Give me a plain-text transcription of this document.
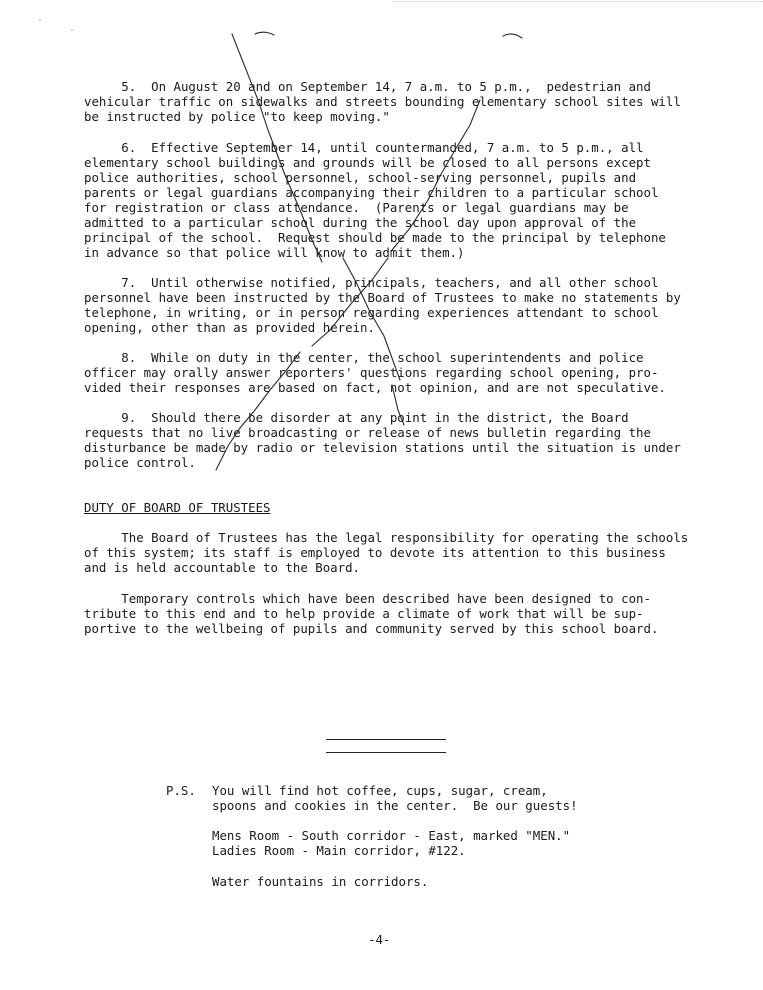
5.  On August 20 and on September 14, 7 a.m. to 5 p.m.,  pedestrian and
vehicular traffic on sidewalks and streets bounding elementary school sites will
be instructed by police "to keep moving."
6.  Effective September 14, until countermanded, 7 a.m. to 5 p.m., all
elementary school buildings and grounds will be closed to all persons except
police authorities, school personnel, school-serving personnel, pupils and
parents or legal guardians accompanying their children to a particular school
for registration or class attendance.  (Parents or legal guardians may be
admitted to a particular school during the school day upon approval of the
principal of the school.  Request should be made to the principal by telephone
in advance so that police will know to admit them.)
7.  Until otherwise notified, principals, teachers, and all other school
personnel have been instructed by the Board of Trustees to make no statements by
telephone, in writing, or in person regarding experiences attendant to school
opening, other than as provided herein.
8.  While on duty in the center, the school superintendents and police
officer may orally answer reporters' questions regarding school opening, pro-
vided their responses are based on fact, not opinion, and are not speculative.
9.  Should there be disorder at any point in the district, the Board
requests that no live broadcasting or release of news bulletin regarding the
disturbance be made by radio or television stations until the situation is under
police control.
DUTY OF BOARD OF TRUSTEES
The Board of Trustees has the legal responsibility for operating the schools
of this system; its staff is employed to devote its attention to this business
and is held accountable to the Board.
Temporary controls which have been described have been designed to con-
tribute to this end and to help provide a climate of work that will be sup-
portive to the wellbeing of pupils and community served by this school board.
P.S. You will find hot coffee, cups, sugar, cream,
spoons and cookies in the center.  Be our guests!
Mens Room - South corridor - East, marked "MEN."
Ladies Room - Main corridor, #122.
Water fountains in corridors.
-4-
